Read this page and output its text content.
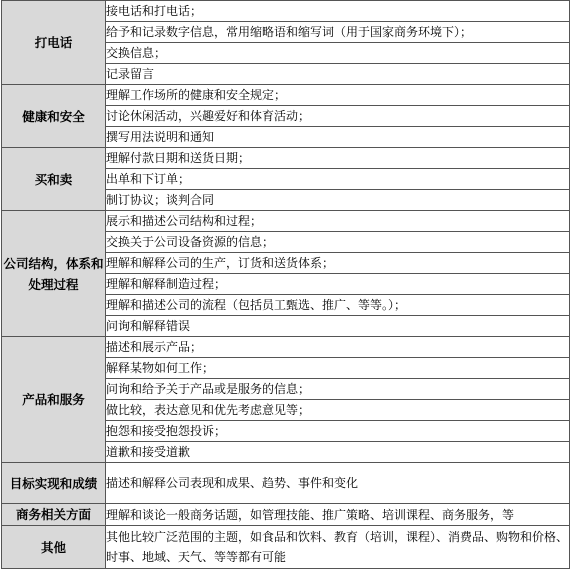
打电话	接电话和打电话；
	给予和记录数字信息，常用缩略语和缩写词（用于国家商务环境下）；
	交换信息；
	记录留言
健康和安全	理解工作场所的健康和安全规定；
	讨论休闲活动，兴趣爱好和体育活动；
	撰写用法说明和通知
买和卖	理解付款日期和送货日期；
	出单和下订单；
	制订协议；谈判合同
公司结构，体系和处理过程	展示和描述公司结构和过程；
	交换关于公司设备资源的信息；
	理解和解释公司的生产，订货和送货体系；
	理解和解释制造过程；
	理解和描述公司的流程（包括员工甄选、推广、等等。）；
	问询和解释错误
产品和服务	描述和展示产品；
	解释某物如何工作；
	问询和给予关于产品或是服务的信息；
	做比较，表达意见和优先考虑意见等；
	抱怨和接受抱怨投诉；
	道歉和接受道歉
目标实现和成绩	描述和解释公司表现和成果、趋势、事件和变化
商务相关方面	理解和谈论一般商务话题，如管理技能、推广策略、培训课程、商务服务，等
其他	其他比较广泛范围的主题，如食品和饮料、教育（培训，课程）、消费品、购物和价格、时事、地域、天气、等等都有可能
